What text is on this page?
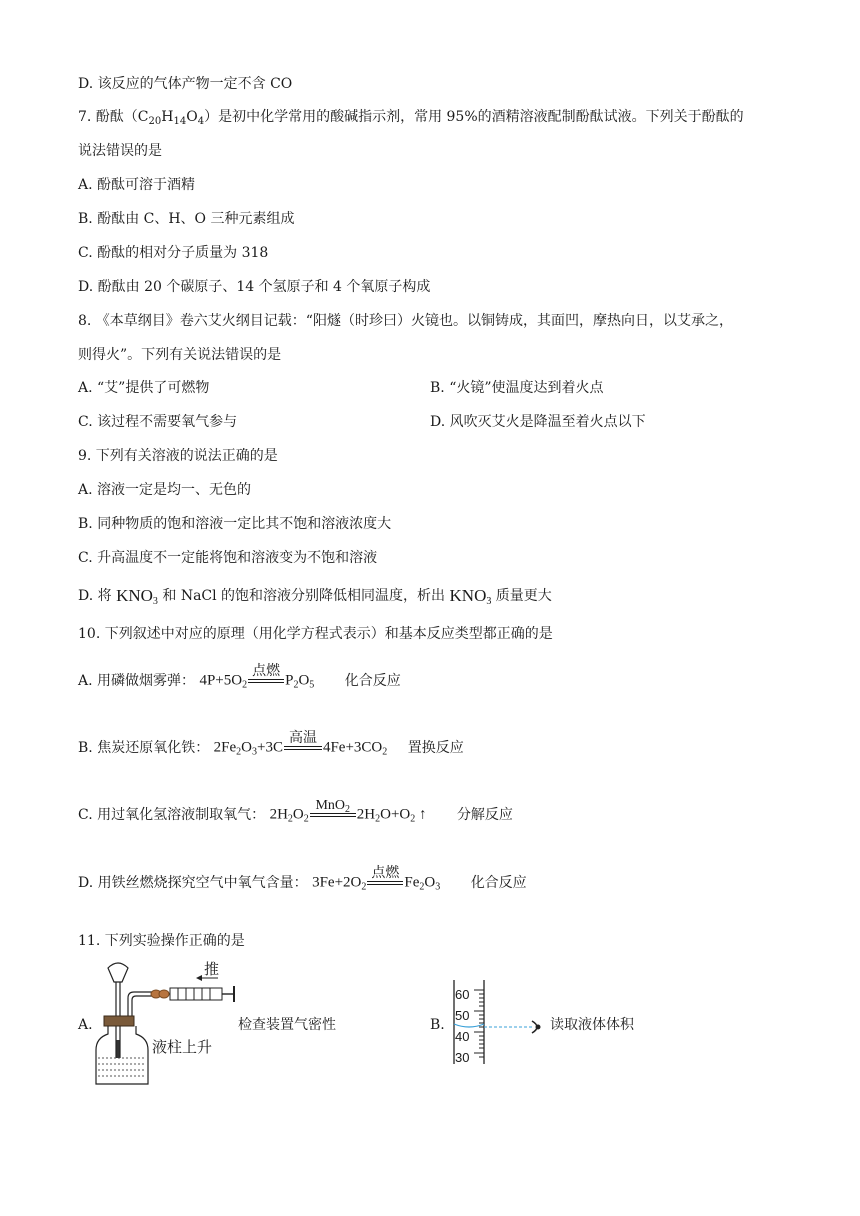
D. 该反应的气体产物一定不含 CO
7. 酚酞$(C_{20}H_{14}O_4)$是初中化学常用的酸碱指示剂，常用 95%的酒精溶液配制酚酞试液。下列关于酚酞的
说法错误的是
A. 酚酞可溶于酒精
B. 酚酞由 C、H、O 三种元素组成
C. 酚酞的相对分子质量为 318
D. 酚酞由 20 个碳原子、14 个氢原子和 4 个氧原子构成
8. 《本草纲目》卷六艾火纲目记载：“阳燧（时珍曰）火镜也。以铜铸成，其面凹，摩热向日，以艾承之，
则得火”。下列有关说法错误的是
A. “艾”提供了可燃物	B. “火镜”使温度达到着火点
C. 该过程不需要氧气参与	D. 风吹灭艾火是降温至着火点以下
9. 下列有关溶液的说法正确的是
A. 溶液一定是均一、无色的
B. 同种物质的饱和溶液一定比其不饱和溶液浓度大
C. 升高温度不一定能将饱和溶液变为不饱和溶液
D. 将 $KNO_3$ 和 NaCl 的饱和溶液分别降低相同温度，析出 $KNO_3$ 质量更大
10. 下列叙述中对应的原理（用化学方程式表示）和基本反应类型都正确的是
A. 用磷做烟雾弹： $4P+5O_2$
点燃

$P_2O_5$ 化合反应
B. 焦炭还原氧化铁： $2Fe_2O_3+3C$
高温

$4Fe+3CO_2$ 置换反应
C. 用过氧化氢溶液制取氧气： $2H_2O_2$
MnO$_2$
$2H_2O+O_2$ ↑ 分解反应
D. 用铁丝燃烧探究空气中氧气含量： $3Fe+2O_2$
点燃

$Fe_2O_3$ 化合反应
11. 下列实验操作正确的是
A.
推
液柱上升
检查装置气密性	B.
60
50
40
30
读取液体体积
